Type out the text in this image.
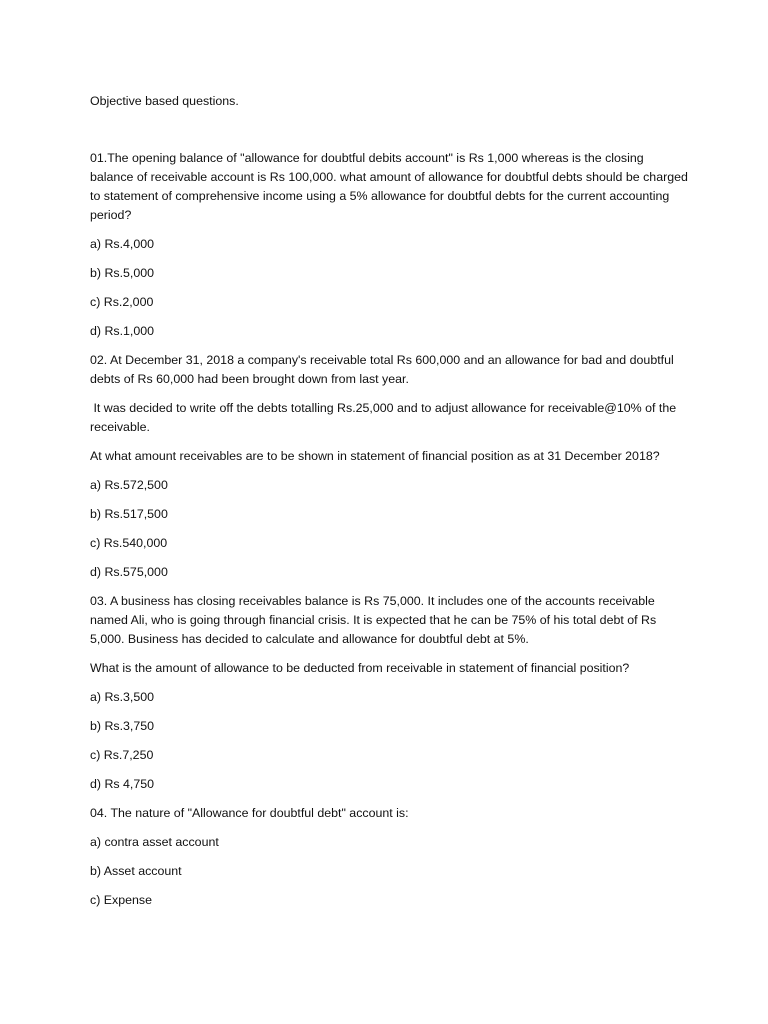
Objective based questions.

01.The opening balance of "allowance for doubtful debits account" is Rs 1,000 whereas is the closing balance of receivable account is Rs 100,000. what amount of allowance for doubtful debts should be charged to statement of comprehensive income using a 5% allowance for doubtful debts for the current accounting period?

a) Rs.4,000

b) Rs.5,000

c) Rs.2,000

d) Rs.1,000

02. At December 31, 2018 a company's receivable total Rs 600,000 and an allowance for bad and doubtful debts of Rs 60,000 had been brought down from last year.

It was decided to write off the debts totalling Rs.25,000 and to adjust allowance for receivable@10% of the receivable.

At what amount receivables are to be shown in statement of financial position as at 31 December 2018?

a) Rs.572,500

b) Rs.517,500

c) Rs.540,000

d) Rs.575,000

03. A business has closing receivables balance is Rs 75,000. It includes one of the accounts receivable named Ali, who is going through financial crisis. It is expected that he can be 75% of his total debt of Rs 5,000. Business has decided to calculate and allowance for doubtful debt at 5%.

What is the amount of allowance to be deducted from receivable in statement of financial position?

a) Rs.3,500

b) Rs.3,750

c) Rs.7,250

d) Rs 4,750

04. The nature of "Allowance for doubtful debt" account is:

a) contra asset account

b) Asset account

c) Expense
